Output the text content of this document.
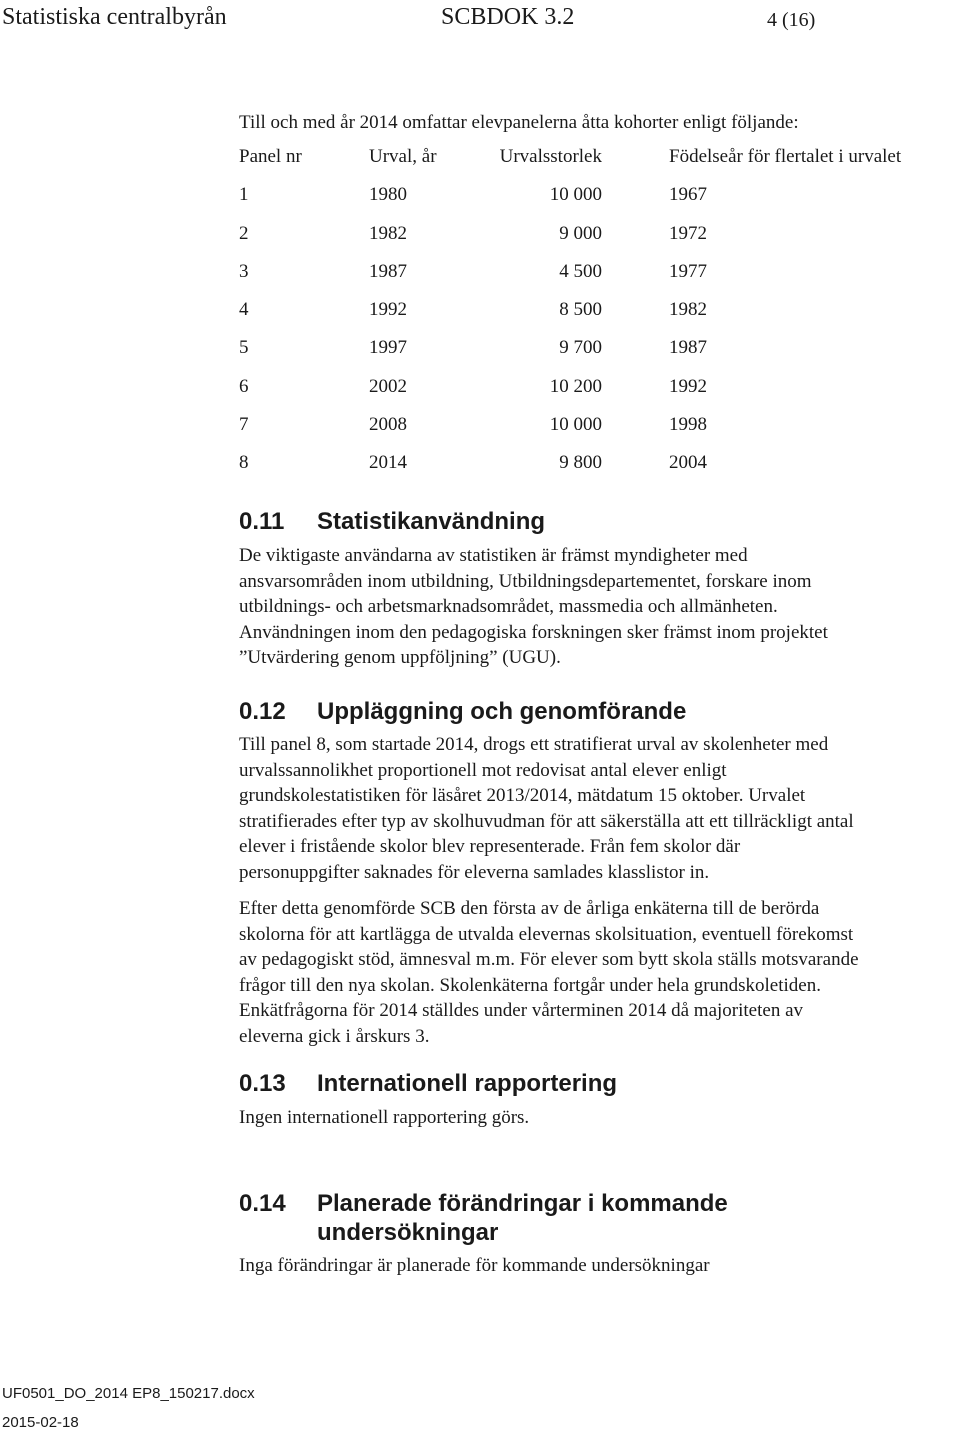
Statistiska centralbyrån	SCBDOK 3.2	4 (16)
Till och med år 2014 omfattar elevpanelerna åtta kohorter enligt följande:
Panel nr	Urval, år	Urvalsstorlek	Födelseår för flertalet i urvalet
1	1980	10 000	1967
2	1982	9 000	1972
3	1987	4 500	1977
4	1992	8 500	1982
5	1997	9 700	1987
6	2002	10 200	1992
7	2008	10 000	1998
8	2014	9 800	2004
0.11 Statistikanvändning

De viktigaste användarna av statistiken är främst myndigheter med
ansvarsområden inom utbildning, Utbildningsdepartementet, forskare inom
utbildnings- och arbetsmarknadsområdet, massmedia och allmänheten.
Användningen inom den pedagogiska forskningen sker främst inom projektet
”Utvärdering genom uppföljning” (UGU).

0.12 Uppläggning och genomförande

Till panel 8, som startade 2014, drogs ett stratifierat urval av skolenheter med
urvalssannolikhet proportionell mot redovisat antal elever enligt
grundskolestatistiken för läsåret 2013/2014, mätdatum 15 oktober. Urvalet
stratifierades efter typ av skolhuvudman för att säkerställa att ett tillräckligt antal
elever i fristående skolor blev representerade. Från fem skolor där
personuppgifter saknades för eleverna samlades klasslistor in.

Efter detta genomförde SCB den första av de årliga enkäterna till de berörda
skolorna för att kartlägga de utvalda elevernas skolsituation, eventuell förekomst
av pedagogiskt stöd, ämnesval m.m. För elever som bytt skola ställs motsvarande
frågor till den nya skolan. Skolenkäterna fortgår under hela grundskoletiden.
Enkätfrågorna för 2014 ställdes under vårterminen 2014 då majoriteten av
eleverna gick i årskurs 3.

0.13 Internationell rapportering

Ingen internationell rapportering görs.

0.14 Planerade förändringar i kommande
undersökningar

Inga förändringar är planerade för kommande undersökningar

UF0501_DO_2014 EP8_150217.docx
2015-02-18
